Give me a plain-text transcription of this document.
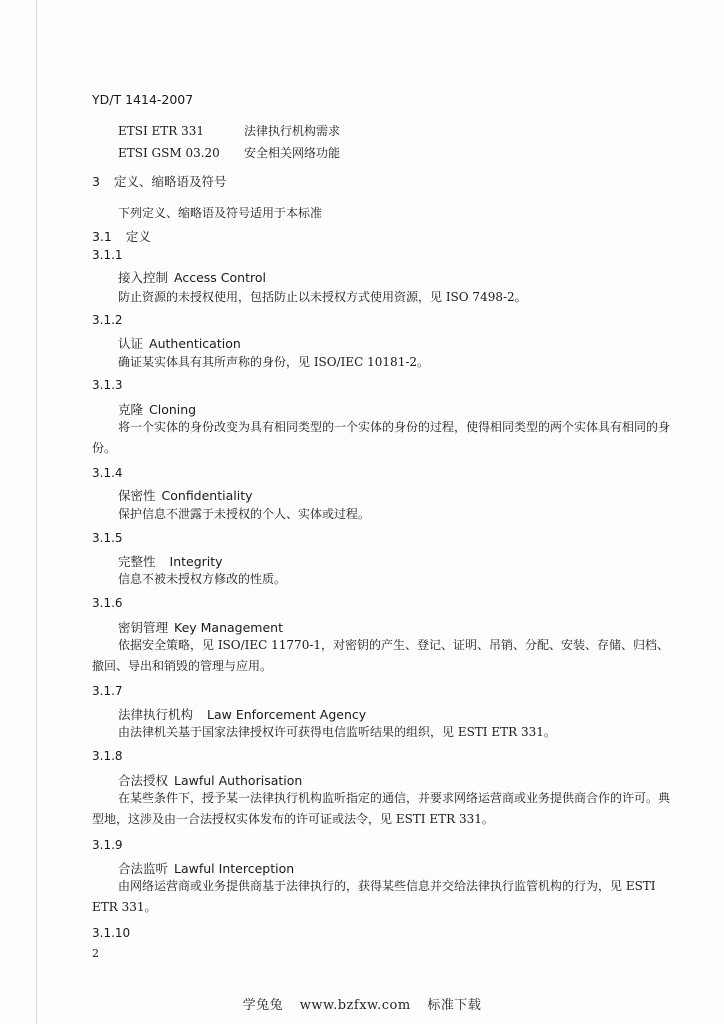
YD/T 1414-2007
ETSI ETR 331	法律执行机构需求
ETSI GSM 03.20 安全相关网络功能
3 定义、缩略语及符号
下列定义、缩略语及符号适用于本标准
3.1 定义
3.1.1
接入控制 Access Control

防止资源的未授权使用，包括防止以未授权方式使用资源，见 ISO 7498-2。

3.1.2
认证 Authentication

确证某实体具有其所声称的身份，见 ISO/IEC 10181-2。

3.1.3
克隆 Cloning

将一个实体的身份改变为具有相同类型的一个实体的身份的过程，使得相同类型的两个实体具有相同的身份。

3.1.4
保密性 Confidentiality

保护信息不泄露于未授权的个人、实体或过程。

3.1.5
完整性 Integrity

信息不被未授权方修改的性质。

3.1.6
密钥管理 Key Management

依据安全策略，见 ISO/IEC 11770-1，对密钥的产生、登记、证明、吊销、分配、安装、存储、归档、撤回、导出和销毁的管理与应用。

3.1.7
法律执行机构 Law Enforcement Agency

由法律机关基于国家法律授权许可获得电信监听结果的组织，见 ESTI ETR 331。

3.1.8
合法授权 Lawful Authorisation

在某些条件下，授予某一法律执行机构监听指定的通信，并要求网络运营商或业务提供商合作的许可。典型地，这涉及由一合法授权实体发布的许可证或法令，见 ESTI ETR 331。

3.1.9
合法监听 Lawful Interception

由网络运营商或业务提供商基于法律执行的，获得某些信息并交给法律执行监管机构的行为，见 ESTI ETR 331。

3.1.10
2
学兔兔 www.bzfxw.com 标准下载
